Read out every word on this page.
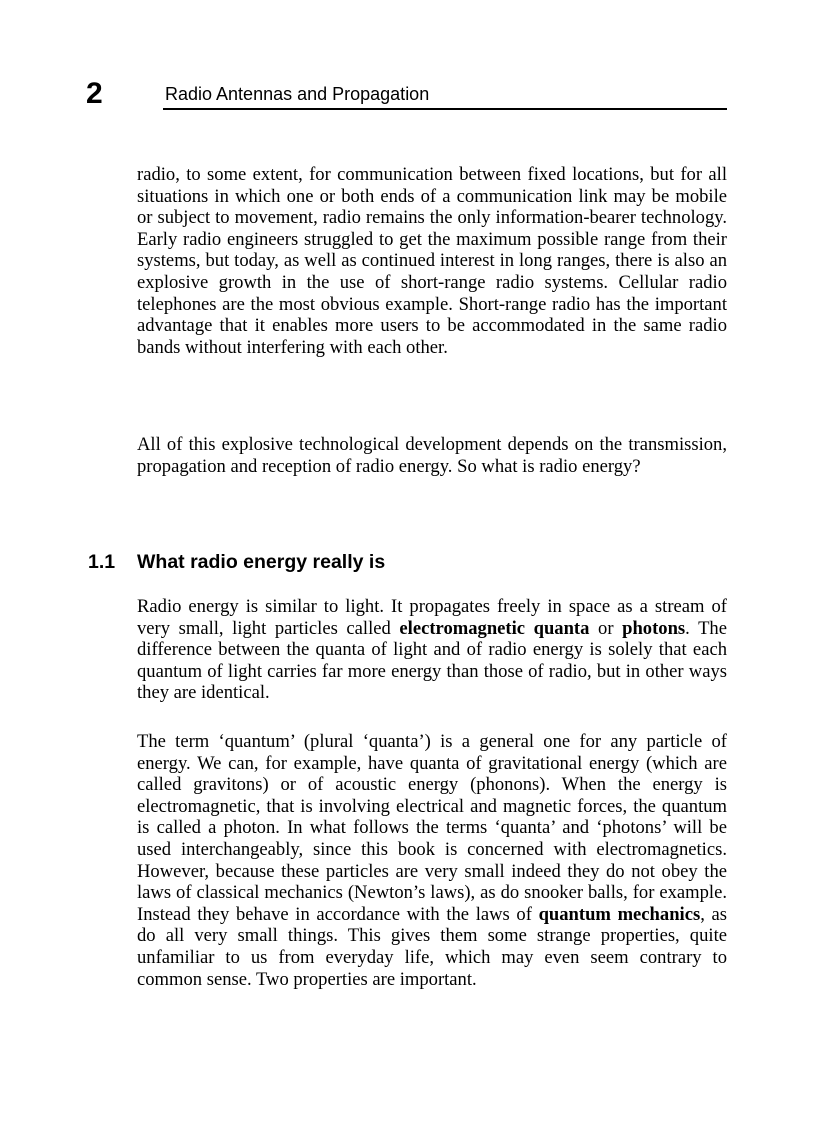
2	Radio Antennas and Propagation

radio, to some extent, for communication between fixed locations, but for all situations in which one or both ends of a communication link may be mobile or subject to movement, radio remains the only information-bearer technology. Early radio engineers struggled to get the maximum possible range from their systems, but today, as well as continued interest in long ranges, there is also an explosive growth in the use of short-range radio systems. Cellular radio telephones are the most obvious example. Short-range radio has the important advantage that it enables more users to be accommodated in the same radio bands without interfering with each other.

All of this explosive technological development depends on the transmission, propagation and reception of radio energy. So what is radio energy?

1.1 What radio energy really is

Radio energy is similar to light. It propagates freely in space as a stream of very small, light particles called electromagnetic quanta or photons. The difference between the quanta of light and of radio energy is solely that each quantum of light carries far more energy than those of radio, but in other ways they are identical.

The term ‘quantum’ (plural ‘quanta’) is a general one for any particle of energy. We can, for example, have quanta of gravitational energy (which are called gravitons) or of acoustic energy (phonons). When the energy is electromagnetic, that is involving electrical and magnetic forces, the quantum is called a photon. In what follows the terms ‘quanta’ and ‘photons’ will be used interchangeably, since this book is concerned with electromagnetics. However, because these particles are very small indeed they do not obey the laws of classical mechanics (Newton’s laws), as do snooker balls, for example. Instead they behave in accordance with the laws of quantum mechanics, as do all very small things. This gives them some strange properties, quite unfamiliar to us from everyday life, which may even seem contrary to common sense. Two properties are important.
